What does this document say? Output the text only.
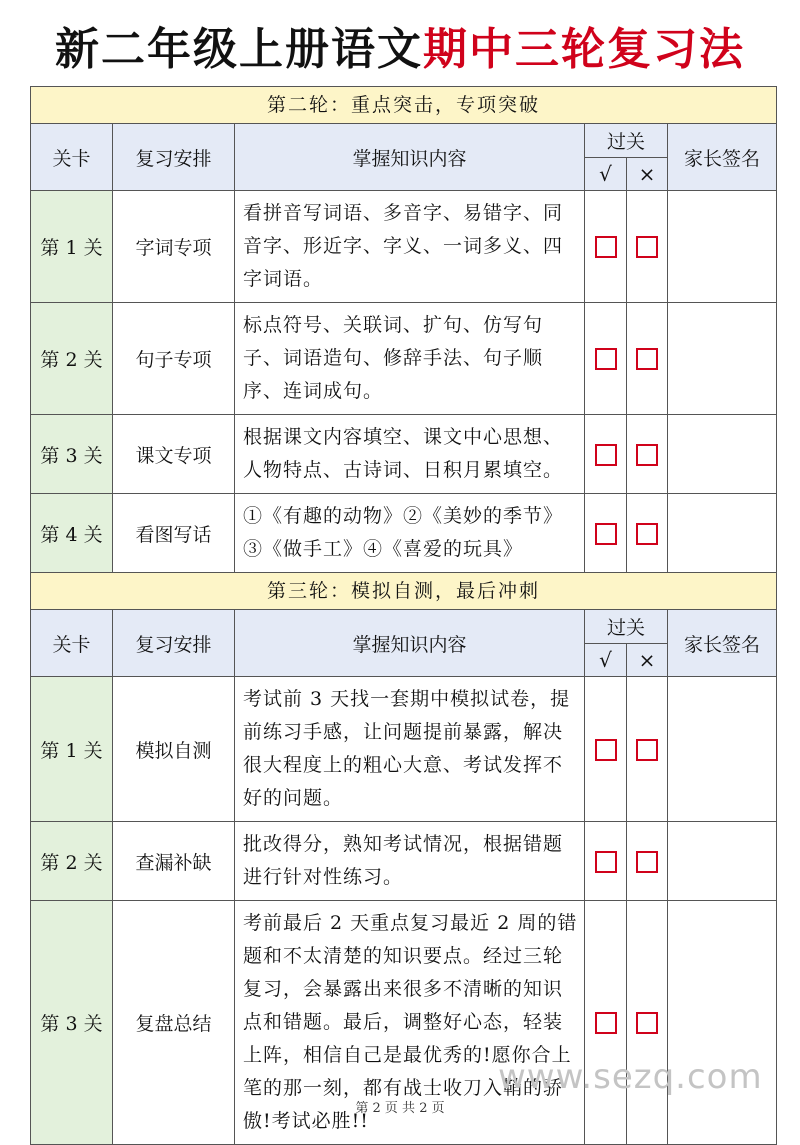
新二年级上册语文期中三轮复习法
第二轮：重点突击，专项突破					
关卡	复习安排	掌握知识内容	过关		家长签名
			√	×	
第 1 关	字词专项	看拼音写词语、多音字、易错字、同音字、形近字、字义、一词多义、四字词语。			
第 2 关	句子专项	标点符号、关联词、扩句、仿写句子、词语造句、修辞手法、句子顺序、连词成句。			
第 3 关	课文专项	根据课文内容填空、课文中心思想、人物特点、古诗词、日积月累填空。			
第 4 关	看图写话	①《有趣的动物》②《美妙的季节》③《做手工》④《喜爱的玩具》			
第三轮：模拟自测，最后冲刺					
关卡	复习安排	掌握知识内容	过关		家长签名
			√	×	
第 1 关	模拟自测	考试前 3 天找一套期中模拟试卷，提前练习手感，让问题提前暴露，解决很大程度上的粗心大意、考试发挥不好的问题。			
第 2 关	查漏补缺	批改得分，熟知考试情况，根据错题进行针对性练习。			
第 3 关	复盘总结	考前最后 2 天重点复习最近 2 周的错题和不太清楚的知识要点。经过三轮复习，会暴露出来很多不清晰的知识点和错题。最后，调整好心态，轻装上阵，相信自己是最优秀的!愿你合上笔的那一刻，都有战士收刀入鞘的骄傲!考试必胜!!			
www.sezq.com
第 2 页 共 2 页
